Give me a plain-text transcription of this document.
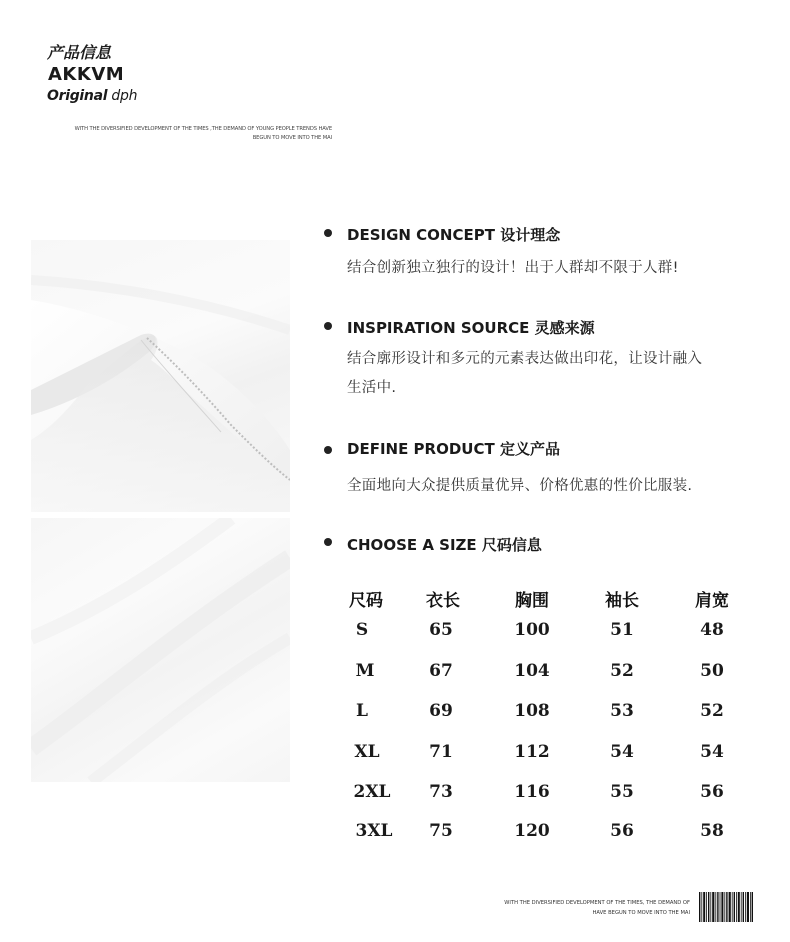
产品信息
AKKVM
Original dph
WITH THE DIVERSIFIED DEVELOPMENT OF THE TIMES ,THE DEMAND OF YOUNG PEOPLE TRENDS HAVE
BEGUN TO MOVE INTO THE MAI
DESIGN CONCEPT 设计理念
结合创新独立独行的设计！出于人群却不限于人群!
INSPIRATION SOURCE 灵感来源
结合廓形设计和多元的元素表达做出印花，让设计融入
生活中.
DEFINE PRODUCT 定义产品
全面地向大众提供质量优异、价格优惠的性价比服装.
CHOOSE A SIZE 尺码信息
尺码	衣长	胸围	袖长	肩宽
S	65	100	51	48
M	67	104	52	50
L	69	108	53	52
XL	71	112	54	54
2XL	73	116	55	56
3XL	75	120	56	58
WITH THE DIVERSIFIED DEVELOPMENT OF THE TIMES, THE DEMAND OF
HAVE BEGUN TO MOVE INTO THE MAI
